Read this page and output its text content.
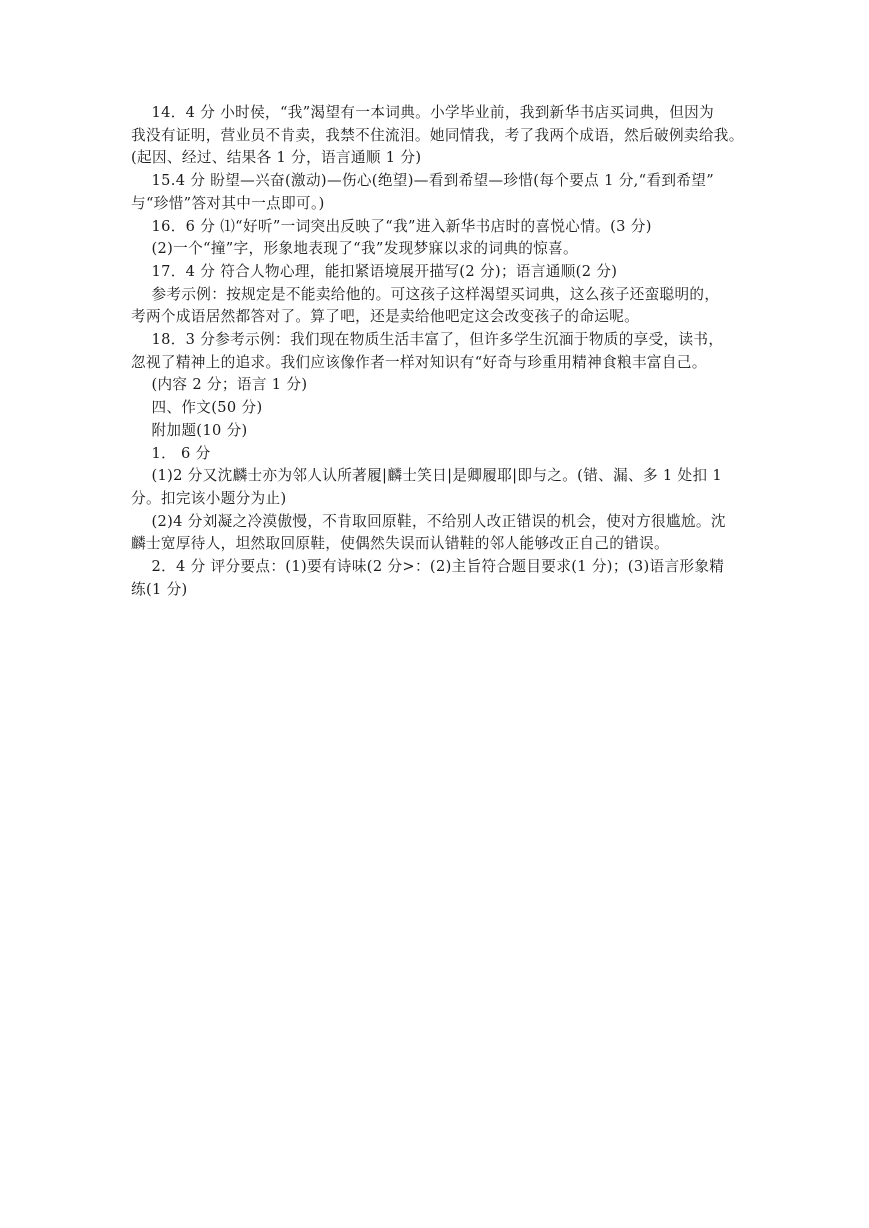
14．4 分 小时侯，“我”渴望有一本词典。小学毕业前，我到新华书店买词典，但因为
我没有证明，营业员不肯卖，我禁不住流泪。她同情我，考了我两个成语，然后破例卖给我。
(起因、经过、结果各 1 分，语言通顺 1 分)
15.4 分 盼望—兴奋(激动)—伤心(绝望)—看到希望—珍惜(每个要点 1 分,“看到希望”
与“珍惜”答对其中一点即可。)
16．6 分 ⑴“好听”一词突出反映了“我”进入新华书店时的喜悦心情。(3 分)
(2)一个“撞”字，形象地表现了“我”发现梦寐以求的词典的惊喜。
17．4 分 符合人物心理，能扣紧语境展开描写(2 分)；语言通顺(2 分)
参考示例：按规定是不能卖给他的。可这孩子这样渴望买词典，这么孩子还蛮聪明的，
考两个成语居然都答对了。算了吧，还是卖给他吧定这会改变孩子的命运呢。
18．3 分参考示例：我们现在物质生活丰富了，但许多学生沉湎于物质的享受，读书，
忽视了精神上的追求。我们应该像作者一样对知识有“好奇与珍重用精神食粮丰富自己。
(内容 2 分；语言 1 分)
四、作文(50 分)
附加题(10 分)
1． 6 分
(1)2 分又沈麟士亦为邻人认所著履|麟士笑日|是卿履耶|即与之。(错、漏、多 1 处扣 1
分。扣完该小题分为止)
(2)4 分刘凝之冷漠傲慢，不肯取回原鞋，不给别人改正错误的机会，使对方很尴尬。沈
麟士宽厚待人，坦然取回原鞋，使偶然失误而认错鞋的邻人能够改正自己的错误。
2．4 分 评分要点：(1)要有诗味(2 分>：(2)主旨符合题目要求(1 分)；(3)语言形象精
练(1 分)
